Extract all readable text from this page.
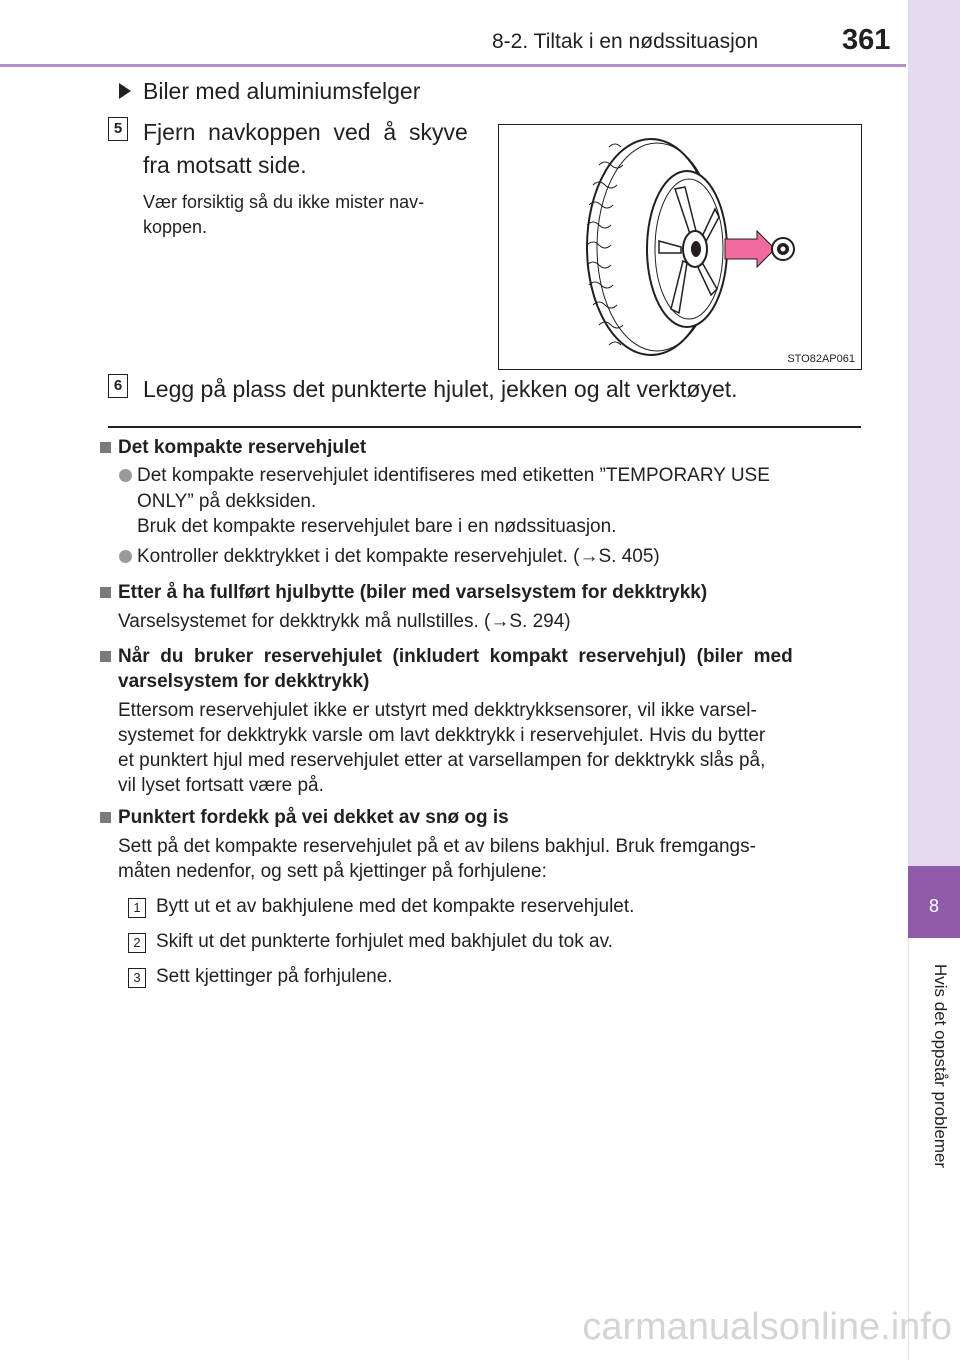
8-2. Tiltak i en nødssituasjon	361
8
Hvis det oppstår problemer
Biler med aluminiumsfelger
5 Fjern  navkoppen  ved  å  skyve
fra motsatt side.
Vær forsiktig så du ikke mister nav-
koppen.
STO82AP061
6 Legg på plass det punkterte hjulet, jekken og alt verktøyet.
Det kompakte reservehjulet
Det kompakte reservehjulet identifiseres med etiketten ”TEMPORARY USE
ONLY” på dekksiden.
Bruk det kompakte reservehjulet bare i en nødssituasjon.
Kontroller dekktrykket i det kompakte reservehjulet. (→S. 405)
Etter å ha fullført hjulbytte (biler med varselsystem for dekktrykk)
Varselsystemet for dekktrykk må nullstilles. (→S. 294)
Når  du  bruker  reservehjulet  (inkludert  kompakt  reservehjul)  (biler  med
varselsystem for dekktrykk)
Ettersom reservehjulet ikke er utstyrt med dekktrykksensorer, vil ikke varsel-
systemet for dekktrykk varsle om lavt dekktrykk i reservehjulet. Hvis du bytter
et punktert hjul med reservehjulet etter at varsellampen for dekktrykk slås på,
vil lyset fortsatt være på.
Punktert fordekk på vei dekket av snø og is
Sett på det kompakte reservehjulet på et av bilens bakhjul. Bruk fremgangs-
måten nedenfor, og sett på kjettinger på forhjulene:
1 Bytt ut et av bakhjulene med det kompakte reservehjulet.
2 Skift ut det punkterte forhjulet med bakhjulet du tok av.
3 Sett kjettinger på forhjulene.
carmanualsonline.info
